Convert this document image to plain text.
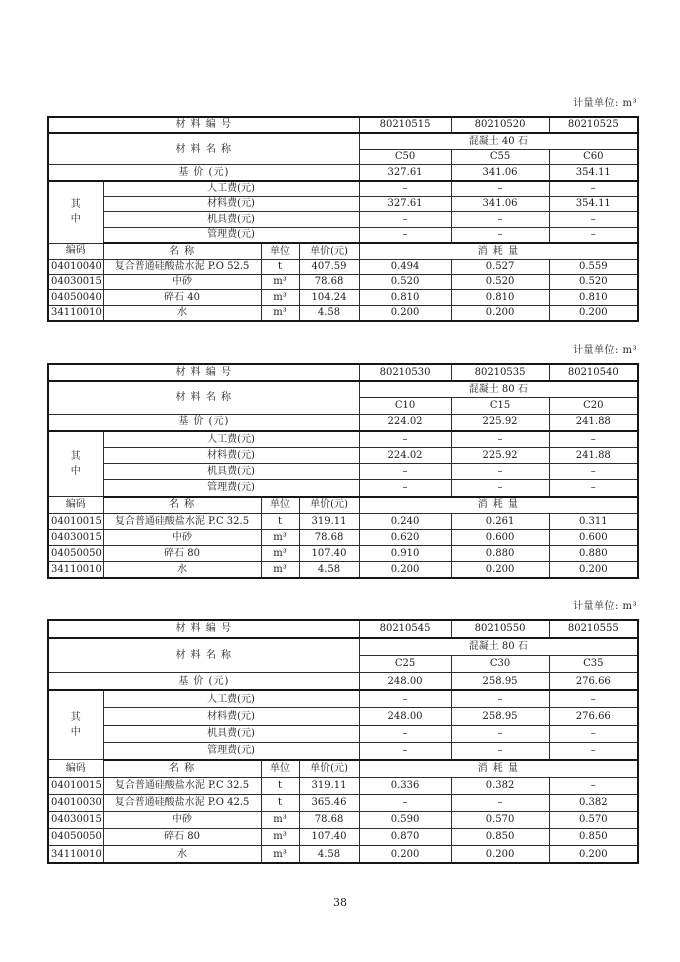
计量单位: m³
材 料 编 号				80210515	80210520	80210525
材 料 名 称				混凝土 40 石		
				C50	C55	C60
基 价 (元)				327.61	341.06	354.11
其中	人工费(元)			–	–	–
	材料费(元)			327.61	341.06	354.11
	机具费(元)			–	–	–
	管理费(元)			–	–	–
编码	名 称	单位	单价(元)	消 耗 量		
04010040	复合普通硅酸盐水泥 P.O 52.5	t	407.59	0.494	0.527	0.559
04030015	中砂	m³	78.68	0.520	0.520	0.520
04050040	碎石 40	m³	104.24	0.810	0.810	0.810
34110010	水	m³	4.58	0.200	0.200	0.200
计量单位: m³
材 料 编 号				80210530	80210535	80210540
材 料 名 称				混凝土 80 石		
				C10	C15	C20
基 价 (元)				224.02	225.92	241.88
其中	人工费(元)			–	–	–
	材料费(元)			224.02	225.92	241.88
	机具费(元)			–	–	–
	管理费(元)			–	–	–
编码	名 称	单位	单价(元)	消 耗 量		
04010015	复合普通硅酸盐水泥 P.C 32.5	t	319.11	0.240	0.261	0.311
04030015	中砂	m³	78.68	0.620	0.600	0.600
04050050	碎石 80	m³	107.40	0.910	0.880	0.880
34110010	水	m³	4.58	0.200	0.200	0.200
计量单位: m³
材 料 编 号				80210545	80210550	80210555
材 料 名 称				混凝土 80 石		
				C25	C30	C35
基 价 (元)				248.00	258.95	276.66
其中	人工费(元)			–	–	–
	材料费(元)			248.00	258.95	276.66
	机具费(元)			–	–	–
	管理费(元)			–	–	–
编码	名 称	单位	单价(元)	消 耗 量		
04010015	复合普通硅酸盐水泥 P.C 32.5	t	319.11	0.336	0.382	–
04010030	复合普通硅酸盐水泥 P.O 42.5	t	365.46	–	–	0.382
04030015	中砂	m³	78.68	0.590	0.570	0.570
04050050	碎石 80	m³	107.40	0.870	0.850	0.850
34110010	水	m³	4.58	0.200	0.200	0.200
38
